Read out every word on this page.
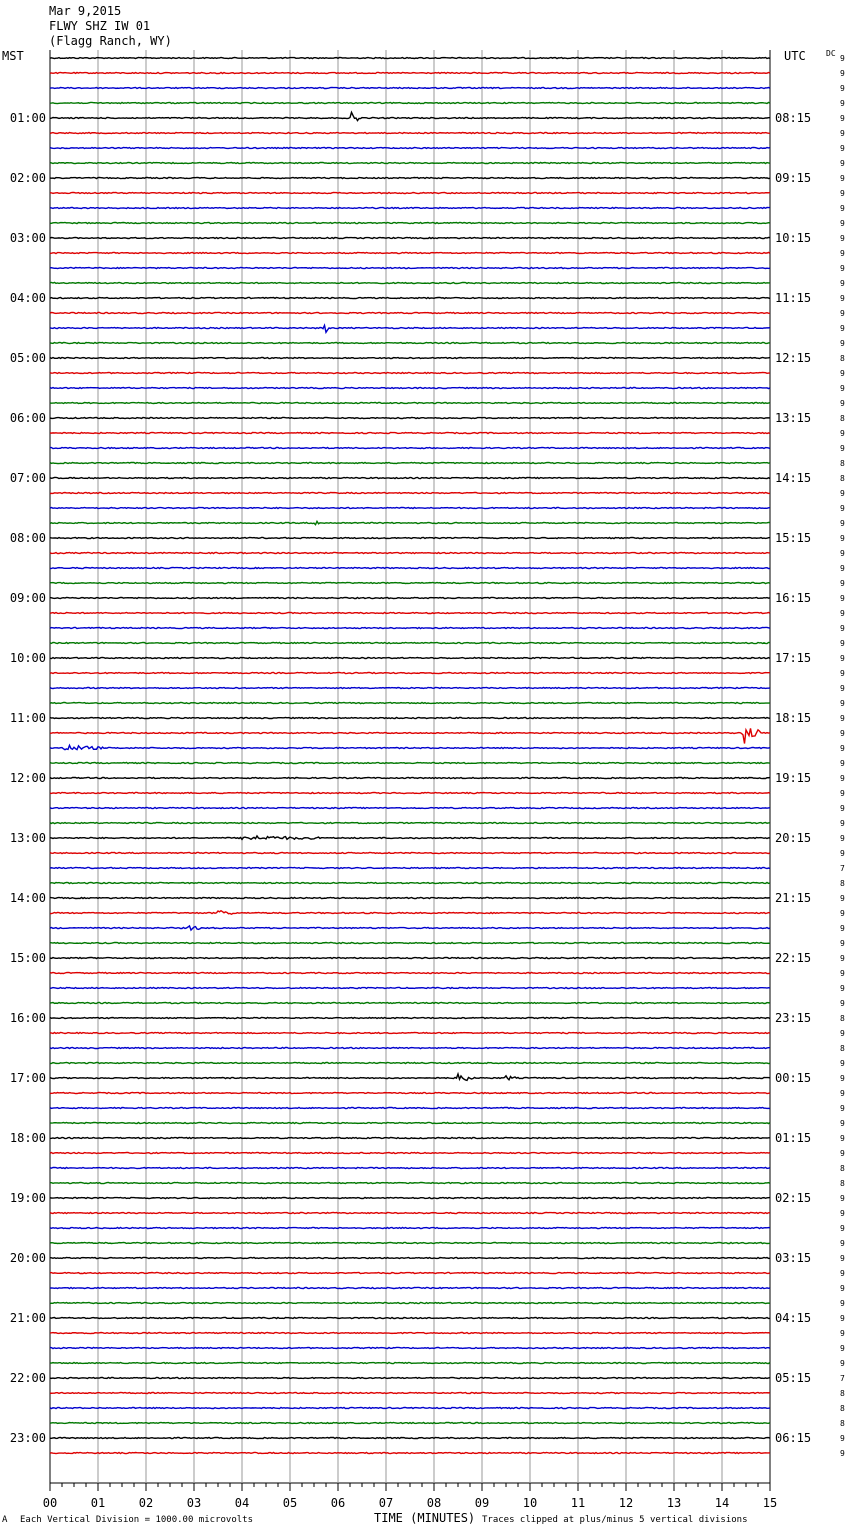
Mar 9,2015
FLWY SHZ IW 01
(Flagg Ranch, WY)
MST	UTC	DC
9
9
9
9
9
9
9
9
9
9
9
9
9
9
9
9
9
9
9
9
8
9
9
9
8
9
9
8
8
9
9
9
9
9
9
9
9
9
9
9
9
9
9
9
9
9
9
9
9
9
9
9
9
9
7
8
9
9
9
9
9
9
9
9
8
9
8
9
9
9
9
9
9
9
8
8
9
9
9
9
9
9
9
9
9
9
9
9
7
8
8
8
9
9
01:00
02:00
03:00
04:00
05:00
06:00
07:00
08:00
09:00
10:00
11:00
12:00
13:00
14:00
15:00
16:00
17:00
18:00
19:00
20:00
21:00
22:00
23:00
08:15
09:15
10:15
11:15
12:15
13:15
14:15
15:15
16:15
17:15
18:15
19:15
20:15
21:15
22:15
23:15
00:15
01:15
02:15
03:15
04:15
05:15
06:15
00	01	02	03	04	05	06	07	08	09	10	11	12	13	14	15
A Each Vertical Division = 1000.00 microvolts	TIME (MINUTES) Traces clipped at plus/minus 5 vertical divisions
